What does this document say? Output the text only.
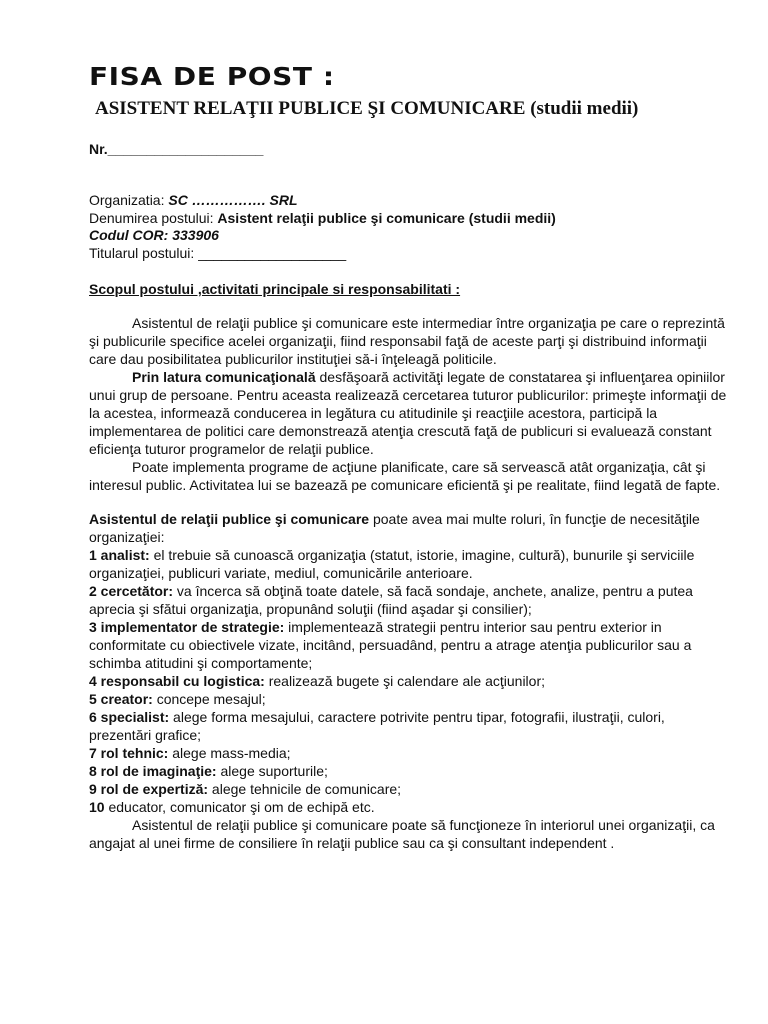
FISA DE POST :
ASISTENT RELAŢII PUBLICE ŞI COMUNICARE (studii medii)
Nr.____________________
Organizatia: SC ……………. SRL
Denumirea postului: Asistent relaţii publice şi comunicare (studii medii)
Codul COR: 333906
Titularul postului: ___________________
Scopul postului ,activitati principale si responsabilitati :

Asistentul de relaţii publice şi comunicare este intermediar între organizaţia pe care o reprezintă şi publicurile specifice acelei organizaţii, fiind responsabil faţă de aceste parţi şi distribuind informaţii care dau posibilitatea publicurilor instituţiei să-i înţeleagă politicile.

Prin latura comunicaţională desfăşoară activităţi legate de constatarea şi influenţarea opiniilor unui grup de persoane. Pentru aceasta realizează cercetarea tuturor publicurilor: primeşte informaţii de la acestea, informează conducerea in legătura cu atitudinile şi reacţiile acestora, participă la implementarea de politici care demonstrează atenţia crescută faţă de publicuri si evaluează constant eficienţa tuturor programelor de relaţii publice.

Poate implementa programe de acţiune planificate, care să servească atât organizaţia, cât şi interesul public. Activitatea lui se bazează pe comunicare eficientă şi pe realitate, fiind legată de fapte.

Asistentul de relaţii publice şi comunicare poate avea mai multe roluri, în funcţie de necesităţile organizaţiei:

1 analist: el trebuie să cunoască organizaţia (statut, istorie, imagine, cultură), bunurile şi serviciile organizaţiei, publicuri variate, mediul, comunicările anterioare.

2 cercetător: va încerca să obţină toate datele, să facă sondaje, anchete, analize, pentru a putea aprecia şi sfătui organizaţia, propunând soluţii (fiind aşadar şi consilier);

3 implementator de strategie: implementează strategii pentru interior sau pentru exterior in conformitate cu obiectivele vizate, incitând, persuadând, pentru a atrage atenţia publicurilor sau a schimba atitudini şi comportamente;

4 responsabil cu logistica: realizează bugete şi calendare ale acţiunilor;

5 creator: concepe mesajul;

6 specialist: alege forma mesajului, caractere potrivite pentru tipar, fotografii, ilustraţii, culori, prezentări grafice;

7 rol tehnic: alege mass-media;

8 rol de imaginaţie: alege suporturile;

9 rol de expertiză: alege tehnicile de comunicare;

10 educator, comunicator şi om de echipă etc.

Asistentul de relaţii publice şi comunicare poate să funcţioneze în interiorul unei organizaţii, ca angajat al unei firme de consiliere în relaţii publice sau ca şi consultant independent .
